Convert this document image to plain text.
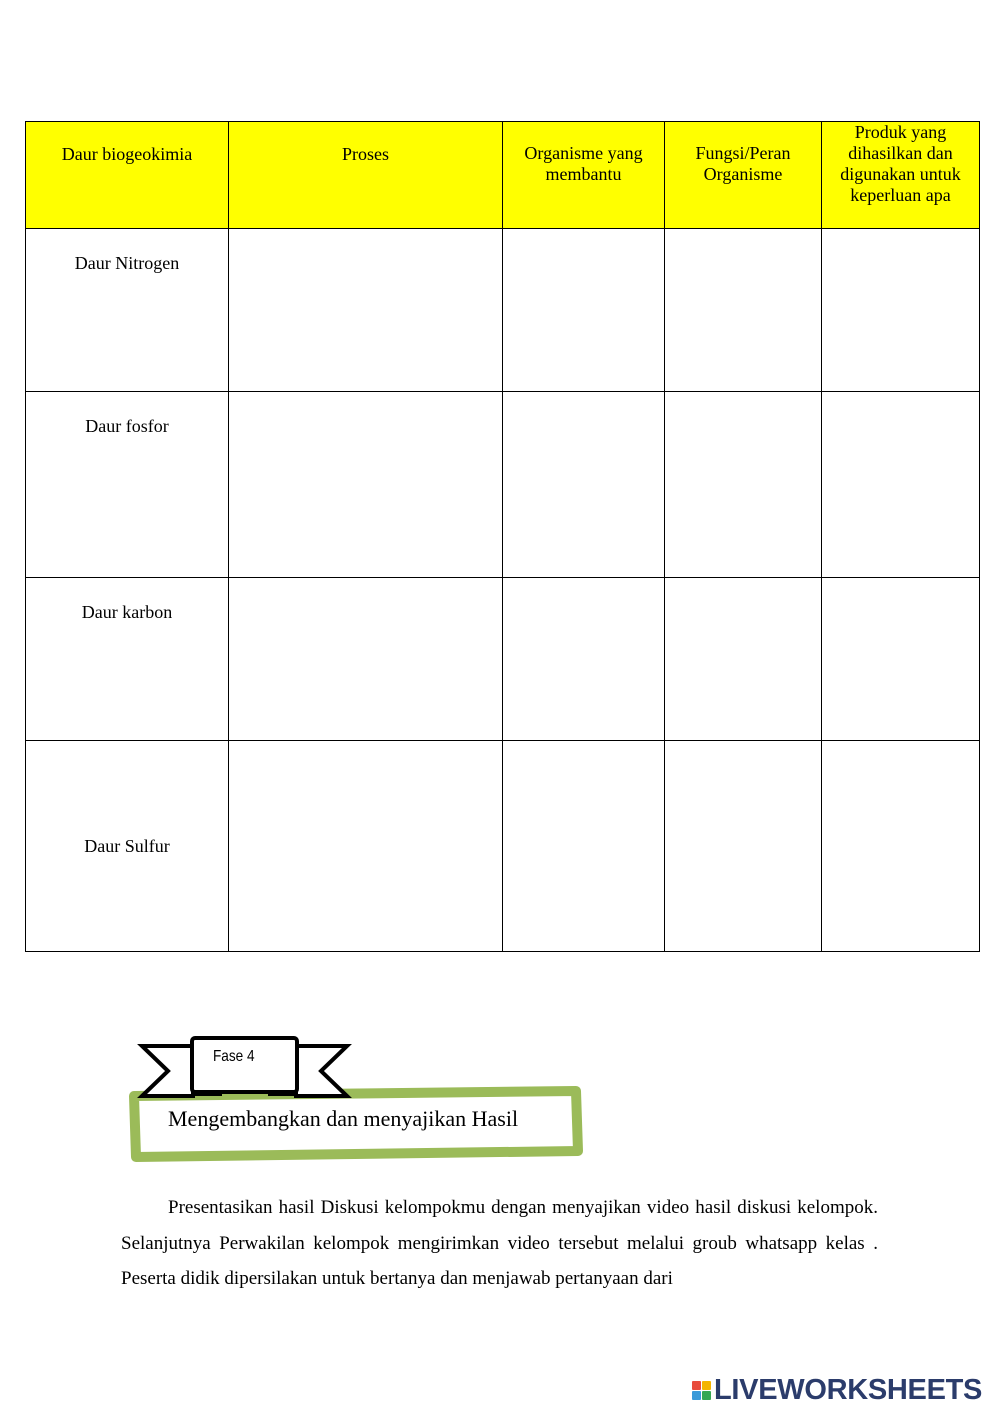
Daur biogeokimia	Proses	Organisme yang membantu	Fungsi/Peran Organisme	Produk yang dihasilkan dan digunakan untuk keperluan apa

Daur Nitrogen	

Daur fosfor	

Daur karbon	

Daur Sulfur	

Fase 4
Mengembangkan dan menyajikan Hasil

Presentasikan hasil Diskusi kelompokmu dengan menyajikan video hasil diskusi kelompok. Selanjutnya Perwakilan kelompok mengirimkan video tersebut melalui groub whatsapp kelas . Peserta didik dipersilakan untuk bertanya dan menjawab pertanyaan dari

LIVEWORKSHEETS
